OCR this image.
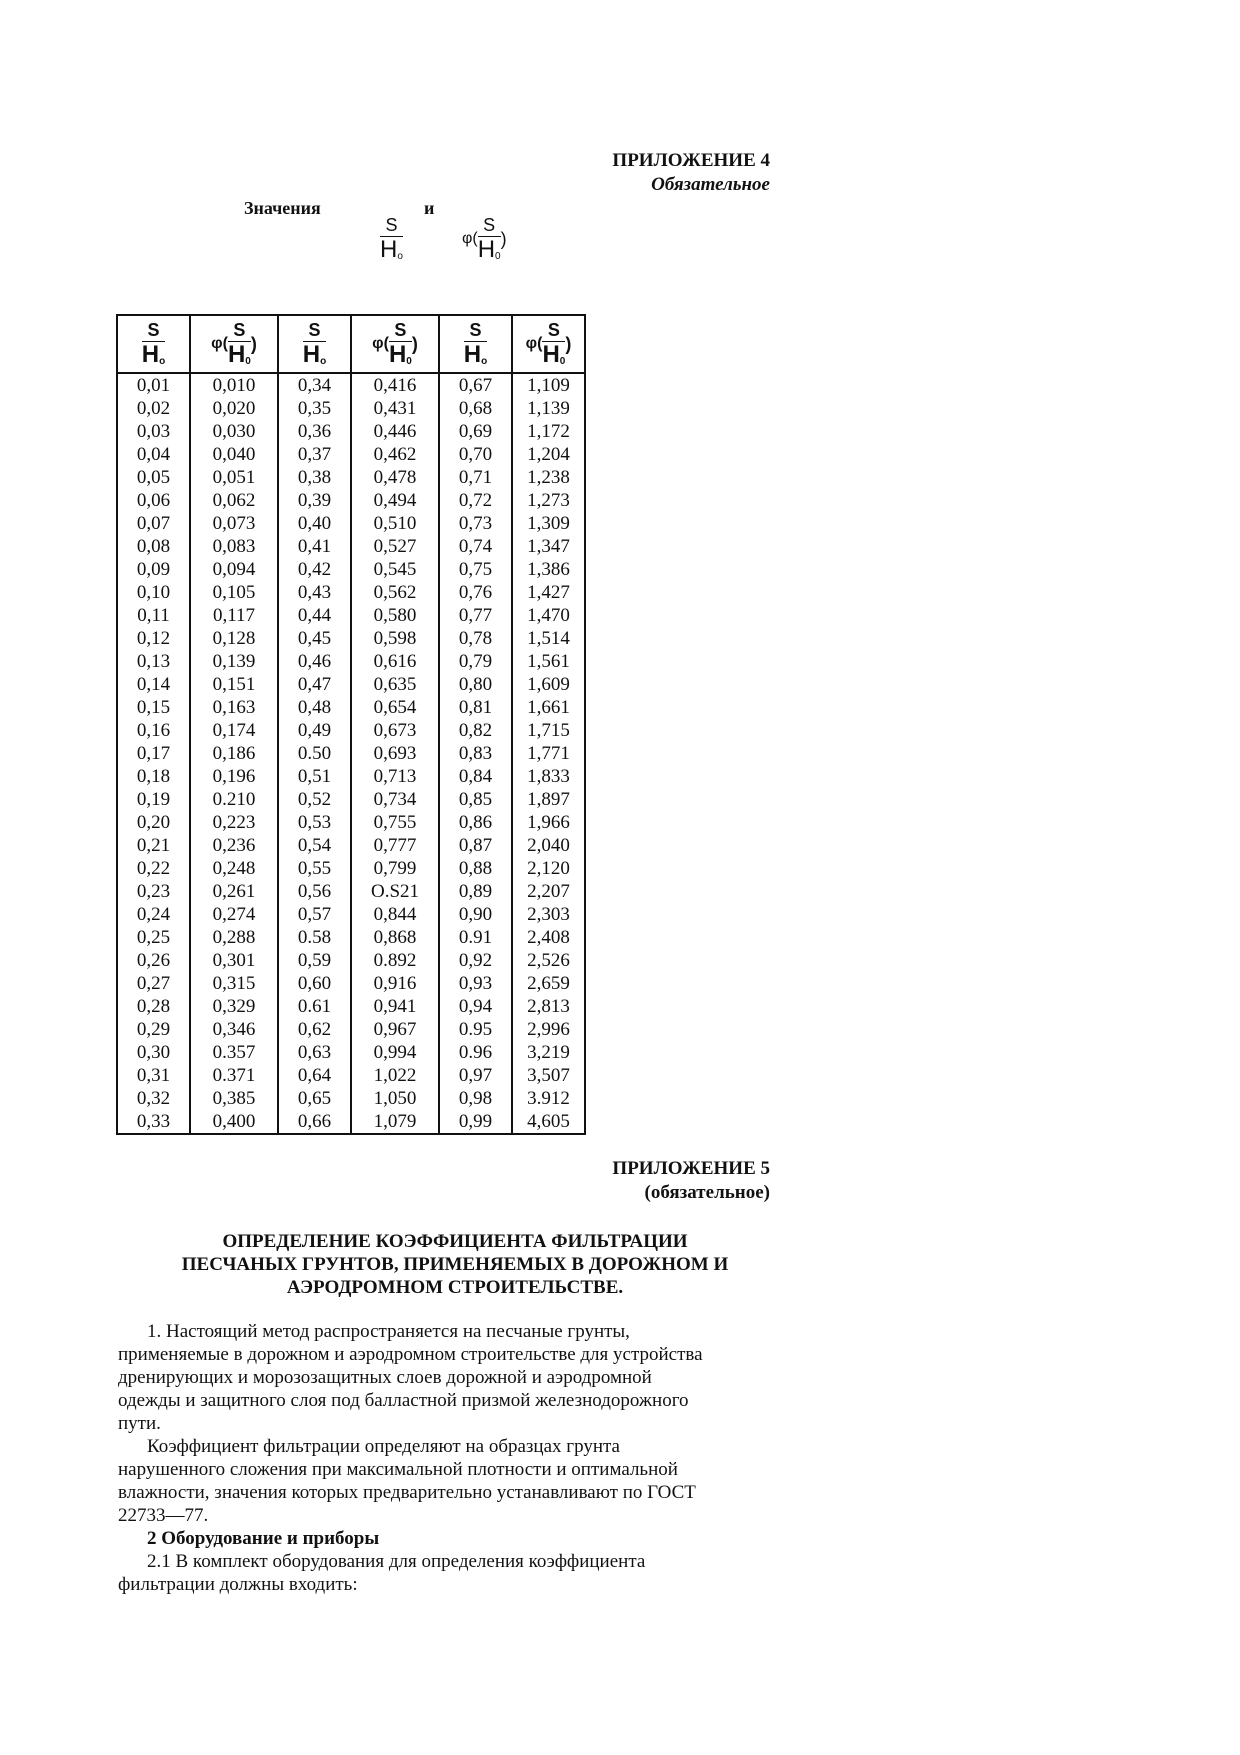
ПРИЛОЖЕНИЕ 4
Обязательное
Значения	и
$\frac{S}{H_o}$	$\varphi( \frac{S}{H_0}$ )
$\frac{S}{H_o}$	$\varphi( \frac{S}{H_0}$ )	$\frac{S}{H_o}$	$\varphi( \frac{S}{H_0}$ )	$\frac{S}{H_o}$	$\varphi( \frac{S}{H_0}$ )

0,01	0,010	0,34	0,416	0,67	1,109
0,02	0,020	0,35	0,431	0,68	1,139
0,03	0,030	0,36	0,446	0,69	1,172
0,04	0,040	0,37	0,462	0,70	1,204
0,05	0,051	0,38	0,478	0,71	1,238
0,06	0,062	0,39	0,494	0,72	1,273
0,07	0,073	0,40	0,510	0,73	1,309
0,08	0,083	0,41	0,527	0,74	1,347
0,09	0,094	0,42	0,545	0,75	1,386
0,10	0,105	0,43	0,562	0,76	1,427
0,11	0,117	0,44	0,580	0,77	1,470
0,12	0,128	0,45	0,598	0,78	1,514
0,13	0,139	0,46	0,616	0,79	1,561
0,14	0,151	0,47	0,635	0,80	1,609
0,15	0,163	0,48	0,654	0,81	1,661
0,16	0,174	0,49	0,673	0,82	1,715
0,17	0,186	0.50	0,693	0,83	1,771
0,18	0,196	0,51	0,713	0,84	1,833
0,19	0.210	0,52	0,734	0,85	1,897
0,20	0,223	0,53	0,755	0,86	1,966
0,21	0,236	0,54	0,777	0,87	2,040
0,22	0,248	0,55	0,799	0,88	2,120
0,23	0,261	0,56	O.S21	0,89	2,207
0,24	0,274	0,57	0,844	0,90	2,303
0,25	0,288	0.58	0,868	0.91	2,408
0,26	0,301	0,59	0.892	0,92	2,526
0,27	0,315	0,60	0,916	0,93	2,659
0,28	0,329	0.61	0,941	0,94	2,813
0,29	0,346	0,62	0,967	0.95	2,996
0,30	0.357	0,63	0,994	0.96	3,219
0,31	0.371	0,64	1,022	0,97	3,507
0,32	0,385	0,65	1,050	0,98	3.912
0,33	0,400	0,66	1,079	0,99	4,605
ПРИЛОЖЕНИЕ 5
(обязательное)
ОПРЕДЕЛЕНИЕ КОЭФФИЦИЕНТА ФИЛЬТРАЦИИ
ПЕСЧАНЫХ ГРУНТОВ, ПРИМЕНЯЕМЫХ В ДОРОЖНОМ И
АЭРОДРОМНОМ СТРОИТЕЛЬСТВЕ.
1. Настоящий метод распространяется на песчаные грунты,
применяемые в дорожном и аэродромном строительстве для устройства
дренирующих и морозозащитных слоев дорожной и аэродромной
одежды и защитного слоя под балластной призмой железнодорожного
пути.
Коэффициент фильтрации определяют на образцах грунта
нарушенного сложения при максимальной плотности и оптимальной
влажности, значения которых предварительно устанавливают по ГОСТ
22733—77.
2 Оборудование и приборы
2.1 В комплект оборудования для определения коэффициента
фильтрации должны входить:
